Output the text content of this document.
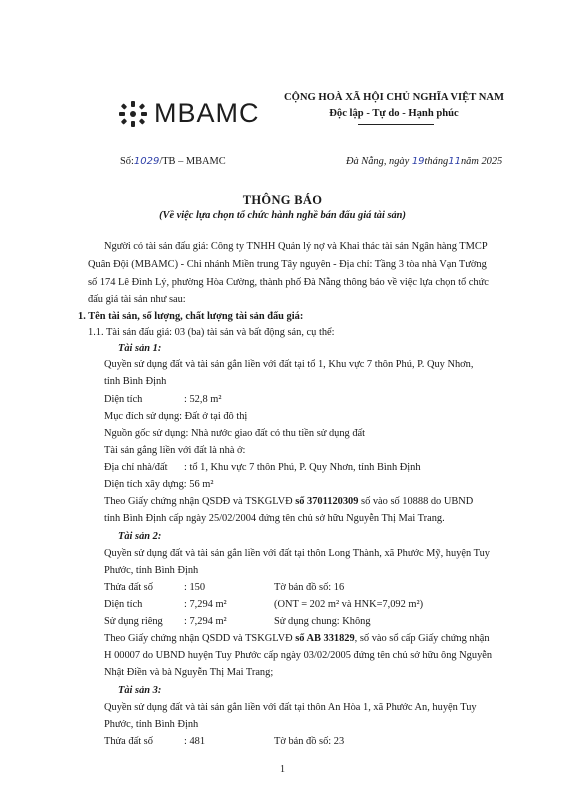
MBAMC
CỘNG HOÀ XÃ HỘI CHỦ NGHĨA VIỆT NAM
Độc lập - Tự do - Hạnh phúc
Số:1029/TB – MBAMC	Đà Nẵng, ngày 19tháng11năm 2025
THÔNG BÁO
(Về việc lựa chọn tổ chức hành nghề bán đấu giá tài sản)
Người có tài sản đấu giá: Công ty TNHH Quản lý nợ và Khai thác tài sản Ngân hàng TMCP
Quân Đội (MBAMC) - Chi nhánh Miền trung Tây nguyên - Địa chỉ: Tầng 3 tòa nhà Vạn Tường
số 174 Lê Đình Lý, phường Hòa Cường, thành phố Đà Nẵng thông báo về việc lựa chọn tổ chức
đấu giá tài sản như sau:
1. Tên tài sản, số lượng, chất lượng tài sản đấu giá:
1.1. Tài sản đấu giá: 03 (ba) tài sản và bất động sản, cụ thể:
Tài sản 1:
Quyền sử dụng đất và tài sản gắn liền với đất tại tổ 1, Khu vực 7 thôn Phú, P. Quy Nhơn,
tỉnh Bình Định
Diện tích	: 52,8 m²
Mục đích sử dụng: Đất ở tại đô thị
Nguồn gốc sử dụng: Nhà nước giao đất có thu tiền sử dụng đất
Tài sản gắng liền với đất là nhà ở:
Địa chỉ nhà/đất : tổ 1, Khu vực 7 thôn Phú, P. Quy Nhơn, tỉnh Bình Định
Diện tích xây dựng: 56 m²
Theo Giấy chứng nhận QSDĐ và TSKGLVĐ số 3701120309 số vào số 10888 do UBND
tỉnh Bình Định cấp ngày 25/02/2004 đứng tên chủ sở hữu Nguyễn Thị Mai Trang.
Tài sản 2:
Quyền sử dụng đất và tài sản gắn liền với đất tại thôn Long Thành, xã Phước Mỹ, huyện Tuy
Phước, tỉnh Bình Định
Thửa đất số	: 150	Tờ bản đồ số: 16
Diện tích	: 7,294 m²	(ONT = 202 m² và HNK=7,092 m²)
Sử dụng riêng : 7,294 m²	Sử dụng chung: Không
Theo Giấy chứng nhận QSDD và TSKGLVĐ số AB 331829, số vào sổ cấp Giấy chứng nhận
H 00007 do UBND huyện Tuy Phước cấp ngày 03/02/2005 đứng tên chủ sở hữu ông Nguyễn
Nhật Điền và bà Nguyễn Thị Mai Trang;
Tài sản 3:
Quyền sử dụng đất và tài sản gắn liền với đất tại thôn An Hòa 1, xã Phước An, huyện Tuy
Phước, tỉnh Bình Định
Thửa đất số	: 481	Tờ bản đồ số: 23
1
